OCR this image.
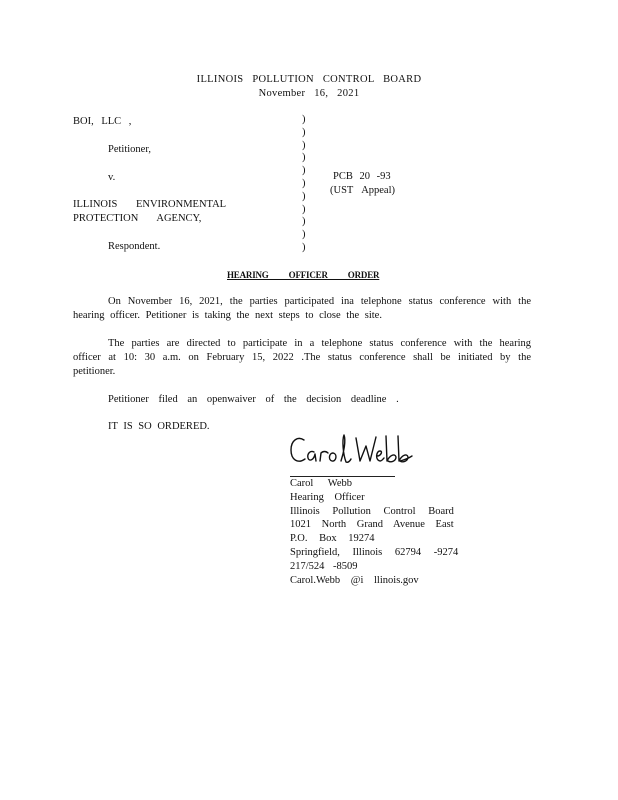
ILLINOIS POLLUTION CONTROL BOARD
November 16, 2021
BOI, LLC ,
Petitioner,
v.
ILLINOIS ENVIRONMENTAL
PROTECTION AGENCY,
Respondent.
)
)
)
)
)
)
)
)
)
)
)
PCB 20 -93
(UST Appeal)
HEARING OFFICER ORDER
On November 16, 2021, the parties participated ina telephone status conference with the hearing officer. Petitioner is taking the next steps to close the site.
The parties are directed to participate in a telephone status conference with the hearing officer at 10: 30 a.m. on February 15, 2022 .The status conference shall be initiated by the petitioner.
Petitioner filed an openwaiver of the decision deadline .
IT IS SO ORDERED.
Carol Webb
Hearing Officer
Illinois Pollution Control Board
1021 North Grand Avenue East
P.O. Box 19274
Springfield, Illinois 62794 -9274
217/524 -8509
Carol.Webb @i llinois.gov
